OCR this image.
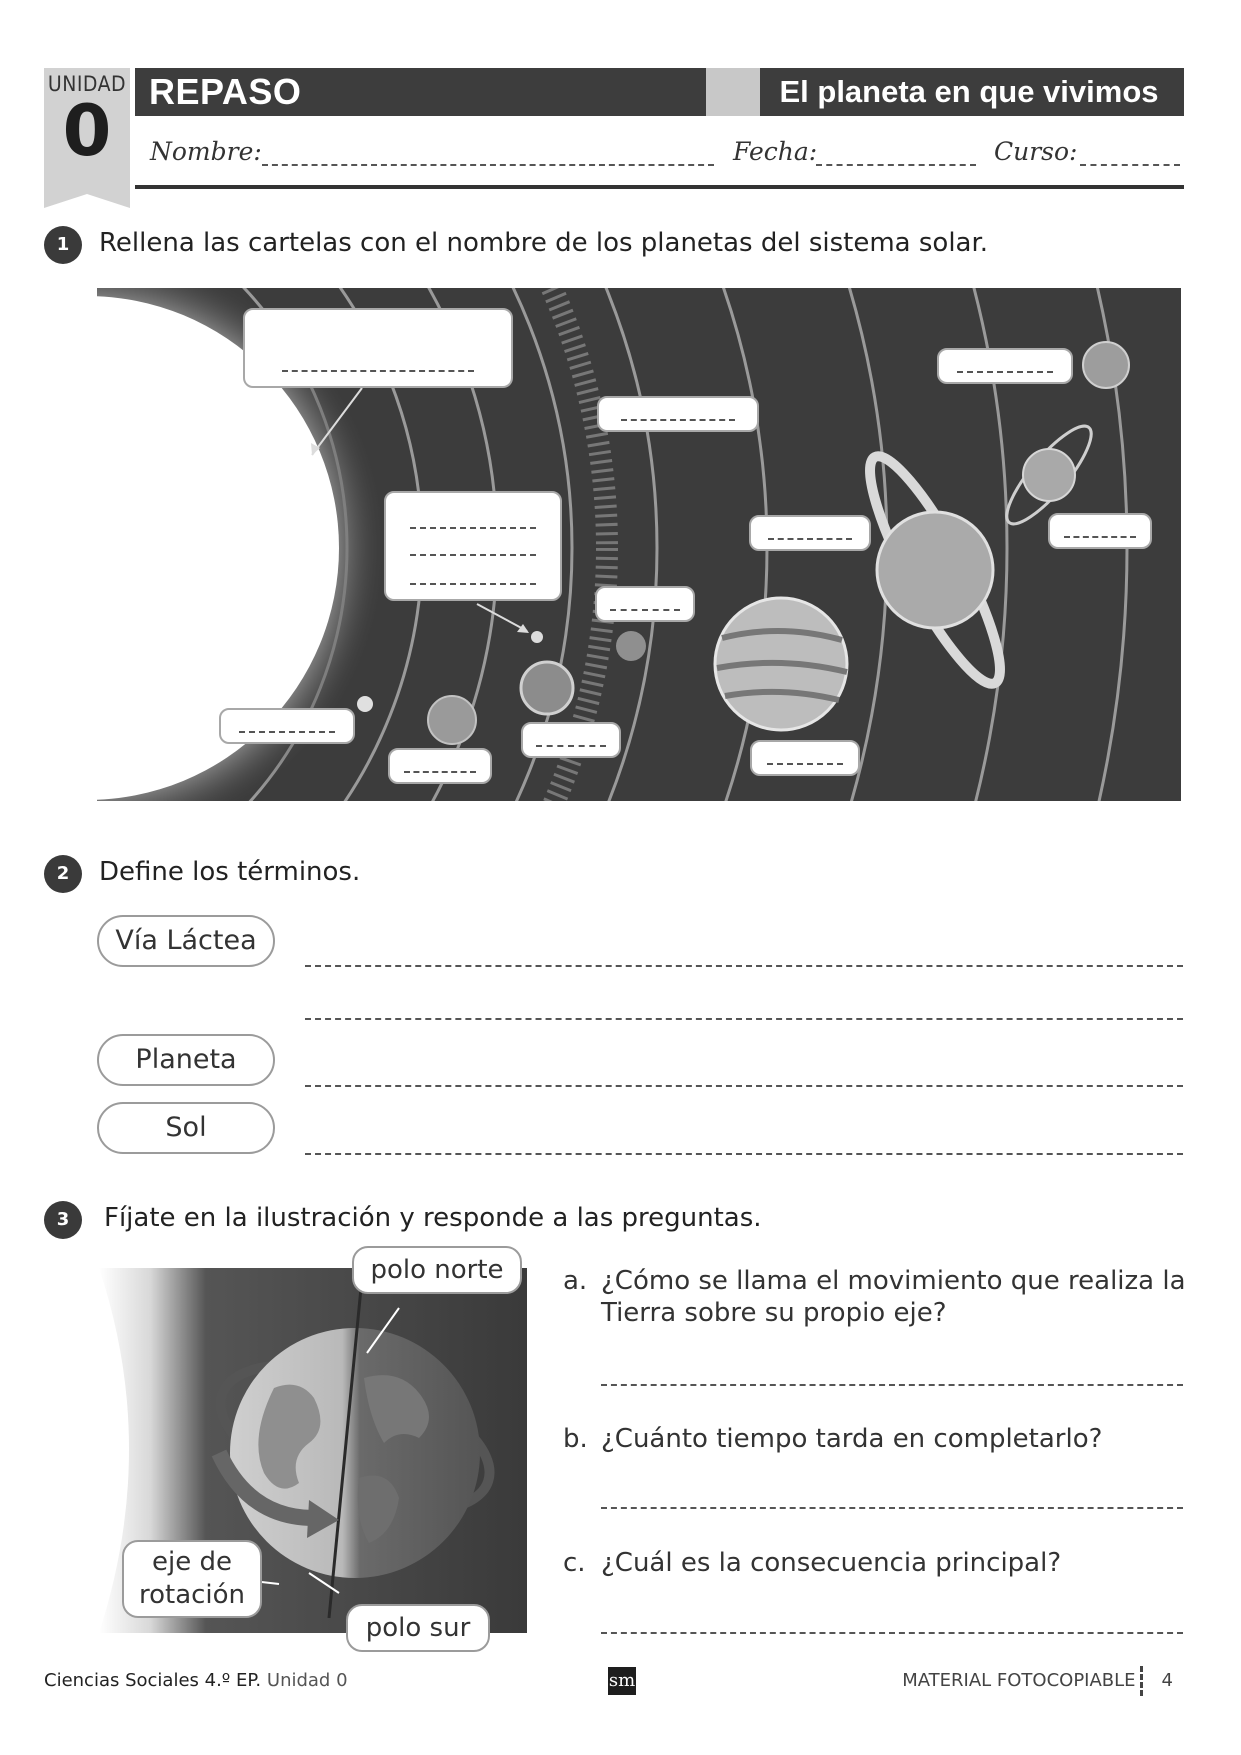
UNIDAD
0	REPASO	El planeta en que vivimos
Nombre:	Fecha:	Curso:
1	Rellena las cartelas con el nombre de los planetas del sistema solar.
2	Define los términos.
Vía Láctea
Planeta
Sol
3	Fíjate en la ilustración y responde a las preguntas.
polo norte
polo sur
eje de
rotación
a. ¿Cómo se llama el movimiento que realiza la
Tierra sobre su propio eje?
b. ¿Cuánto tiempo tarda en completarlo?
c. ¿Cuál es la consecuencia principal?
Ciencias Sociales 4.º EP. Unidad 0	sm	MATERIAL FOTOCOPIABLE 4
